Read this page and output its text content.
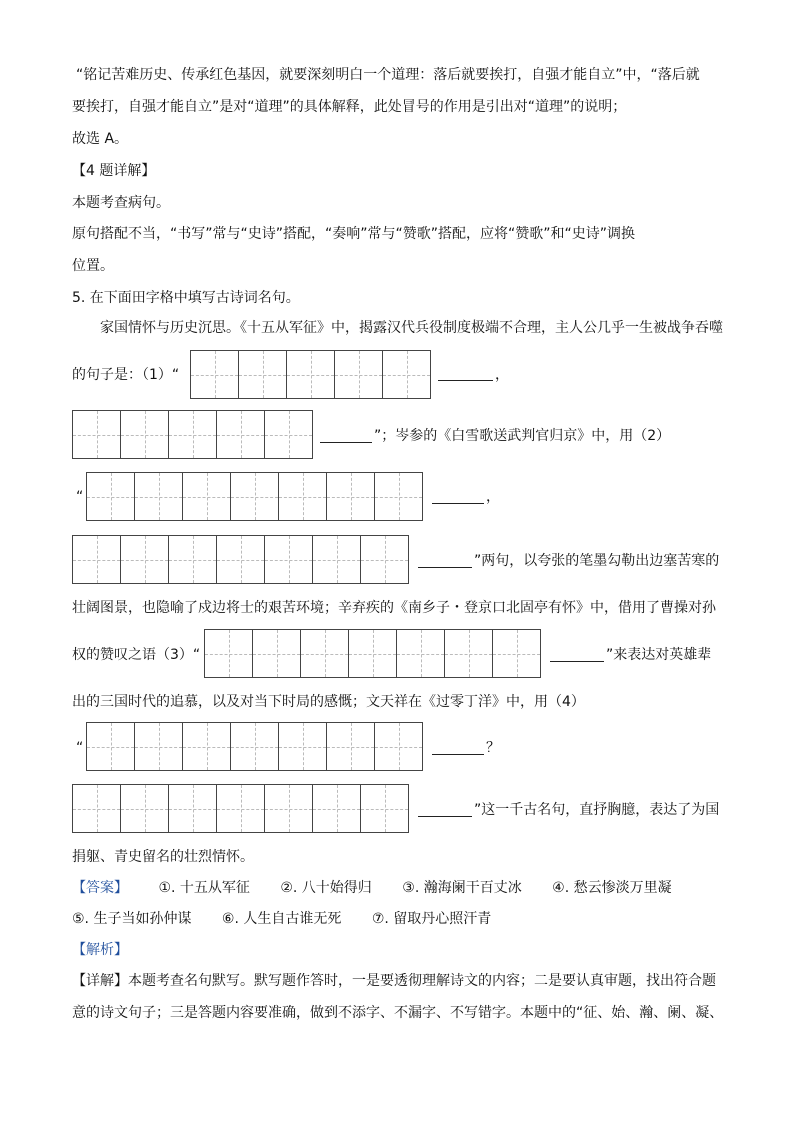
“铭记苦难历史、传承红色基因，就要深刻明白一个道理：落后就要挨打，自强才能自立”中，“落后就
要挨打，自强才能自立”是对“道理”的具体解释，此处冒号的作用是引出对“道理”的说明；
故选 A。
【4 题详解】
本题考查病句。
原句搭配不当，“书写”常与“史诗”搭配，“奏响”常与“赞歌”搭配，应将“赞歌”和“史诗”调换
位置。
5. 在下面田字格中填写古诗词名句。
家国情怀与历史沉思。《十五从军征》中，揭露汉代兵役制度极端不合理，主人公几乎一生被战争吞噬
的句子是：（1）“	，
”；岑参的《白雪歌送武判官归京》中，用（2）
“	，
”两句，以夸张的笔墨勾勒出边塞苦寒的
壮阔图景，也隐喻了戍边将士的艰苦环境；辛弃疾的《南乡子・登京口北固亭有怀》中，借用了曹操对孙
权的赞叹之语（3）“	”来表达对英雄辈
出的三国时代的追慕，以及对当下时局的感慨；文天祥在《过零丁洋》中，用（4）
“	？
”这一千古名句，直抒胸臆，表达了为国
捐躯、青史留名的壮烈情怀。
【答案】 ①. 十五从军征 ②. 八十始得归 ③. 瀚海阑干百丈冰 ④. 愁云惨淡万里凝
⑤. 生子当如孙仲谋 ⑥. 人生自古谁无死 ⑦. 留取丹心照汗青
【解析】
【详解】本题考查名句默写。默写题作答时，一是要透彻理解诗文的内容；二是要认真审题，找出符合题
意的诗文句子；三是答题内容要准确，做到不添字、不漏字、不写错字。本题中的“征、始、瀚、阑、凝、
